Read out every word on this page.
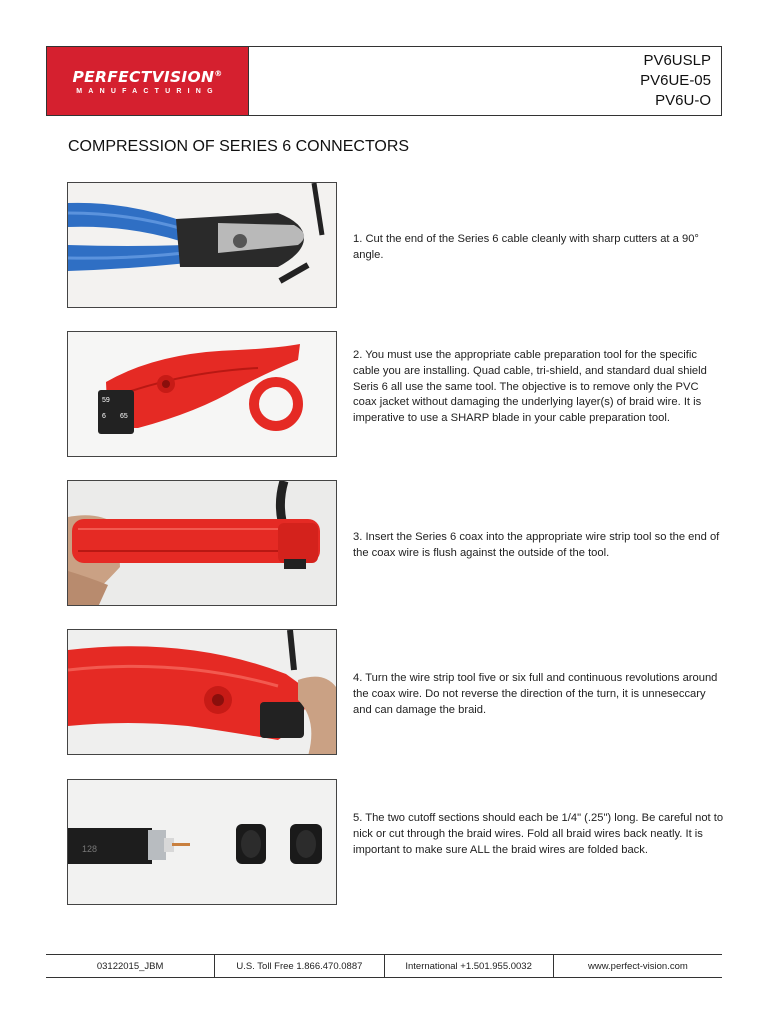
PERFECTVISION®
MANUFACTURING
PV6USLP
PV6UE-05
PV6U-O
COMPRESSION OF SERIES 6 CONNECTORS
1. Cut the end of the Series 6 cable cleanly with sharp cutters at a 90° angle.
59
6 65
2. You must use the appropriate cable preparation tool for the specific cable you are installing. Quad cable, tri-shield, and standard dual shield Seris 6 all use the same tool. The objective is to remove only the PVC coax jacket without damaging the underlying layer(s) of braid wire. It is imperative to use a SHARP blade in your cable preparation tool.
3. Insert the Series 6 coax into the appropriate wire strip tool so the end of the coax wire is flush against the outside of the tool.
4. Turn the wire strip tool five or six full and continuous revolutions around the coax wire. Do not reverse the direction of the turn, it is unneseccary and can damage the braid.
128
5. The two cutoff sections should each be 1/4" (.25") long. Be careful not to nick or cut through the braid wires. Fold all braid wires back neatly. It is important to make sure ALL the braid wires are folded back.
03122015_JBM	U.S. Toll Free 1.866.470.0887	International +1.501.955.0032	www.perfect-vision.com
